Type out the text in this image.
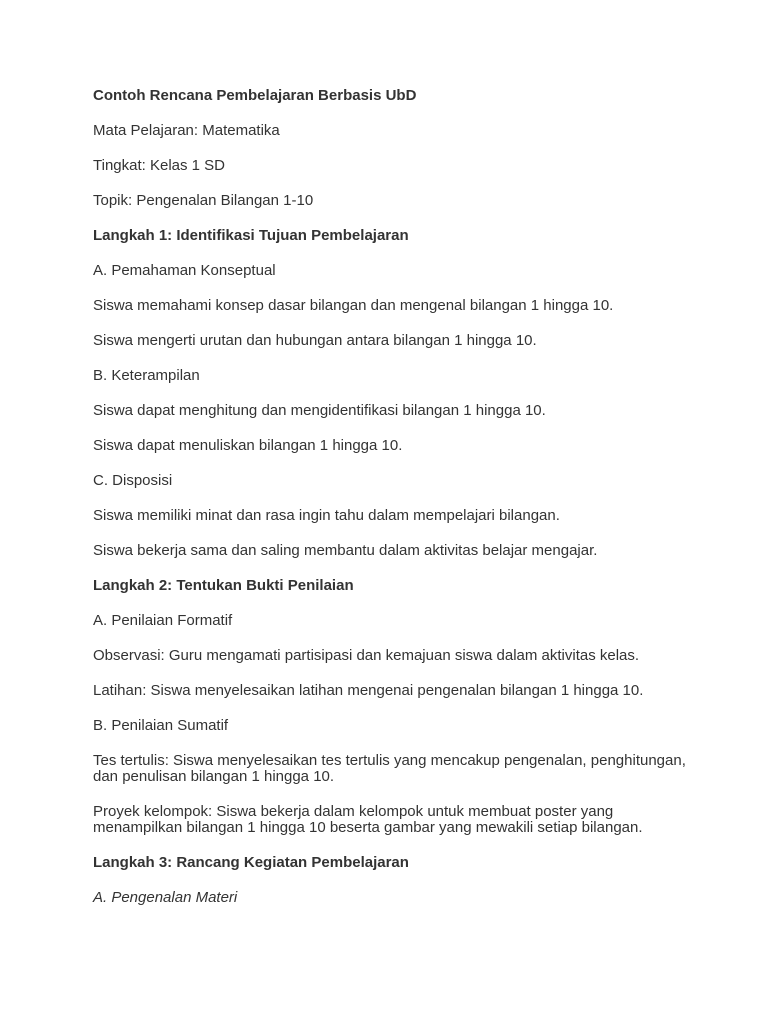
Contoh Rencana Pembelajaran Berbasis UbD

Mata Pelajaran: Matematika

Tingkat: Kelas 1 SD

Topik: Pengenalan Bilangan 1-10

Langkah 1: Identifikasi Tujuan Pembelajaran

A. Pemahaman Konseptual

Siswa memahami konsep dasar bilangan dan mengenal bilangan 1 hingga 10.

Siswa mengerti urutan dan hubungan antara bilangan 1 hingga 10.

B. Keterampilan

Siswa dapat menghitung dan mengidentifikasi bilangan 1 hingga 10.

Siswa dapat menuliskan bilangan 1 hingga 10.

C. Disposisi

Siswa memiliki minat dan rasa ingin tahu dalam mempelajari bilangan.

Siswa bekerja sama dan saling membantu dalam aktivitas belajar mengajar.

Langkah 2: Tentukan Bukti Penilaian

A. Penilaian Formatif

Observasi: Guru mengamati partisipasi dan kemajuan siswa dalam aktivitas kelas.

Latihan: Siswa menyelesaikan latihan mengenai pengenalan bilangan 1 hingga 10.

B. Penilaian Sumatif

Tes tertulis: Siswa menyelesaikan tes tertulis yang mencakup pengenalan, penghitungan, dan penulisan bilangan 1 hingga 10.

Proyek kelompok: Siswa bekerja dalam kelompok untuk membuat poster yang menampilkan bilangan 1 hingga 10 beserta gambar yang mewakili setiap bilangan.

Langkah 3: Rancang Kegiatan Pembelajaran

A. Pengenalan Materi
